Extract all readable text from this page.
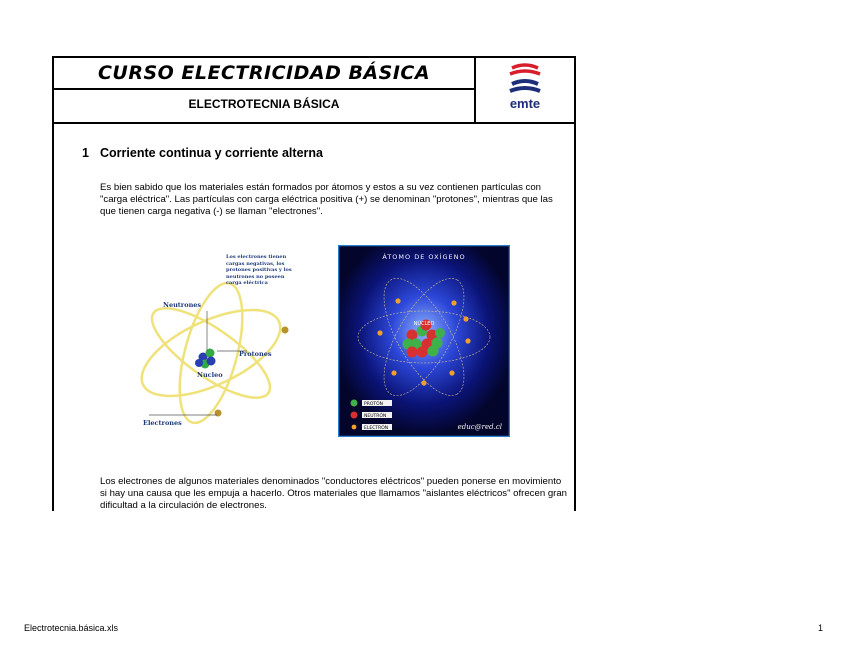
CURSO ELECTRICIDAD BÁSICA
ELECTROTECNIA BÁSICA	emte
1 Corriente continua y corriente alterna
Es bien sabido que los materiales están formados por átomos y estos a su vez contienen partículas con "carga eléctrica". Las partículas con carga eléctrica positiva (+) se denominan "protones", mientras que las que tienen carga negativa (-) se llaman "electrones".
Neutrones
Protones
Nucleo
Electrones
Los electrones tienen cargas negativas, los protones positivas y los neutrones no poseen carga eléctrica
ÁTOMO DE OXÍGENO
NÚCLEO
PROTÓN
NEUTRÓN
ELECTRÓN	educ@red.cl
Los electrones de algunos materiales denominados "conductores eléctricos" pueden ponerse en movimiento si hay una causa que les empuja a hacerlo. Otros materiales que llamamos "aislantes eléctricos" ofrecen gran dificultad a la circulación de electrones.
Electrotecnia.básica.xls	1
